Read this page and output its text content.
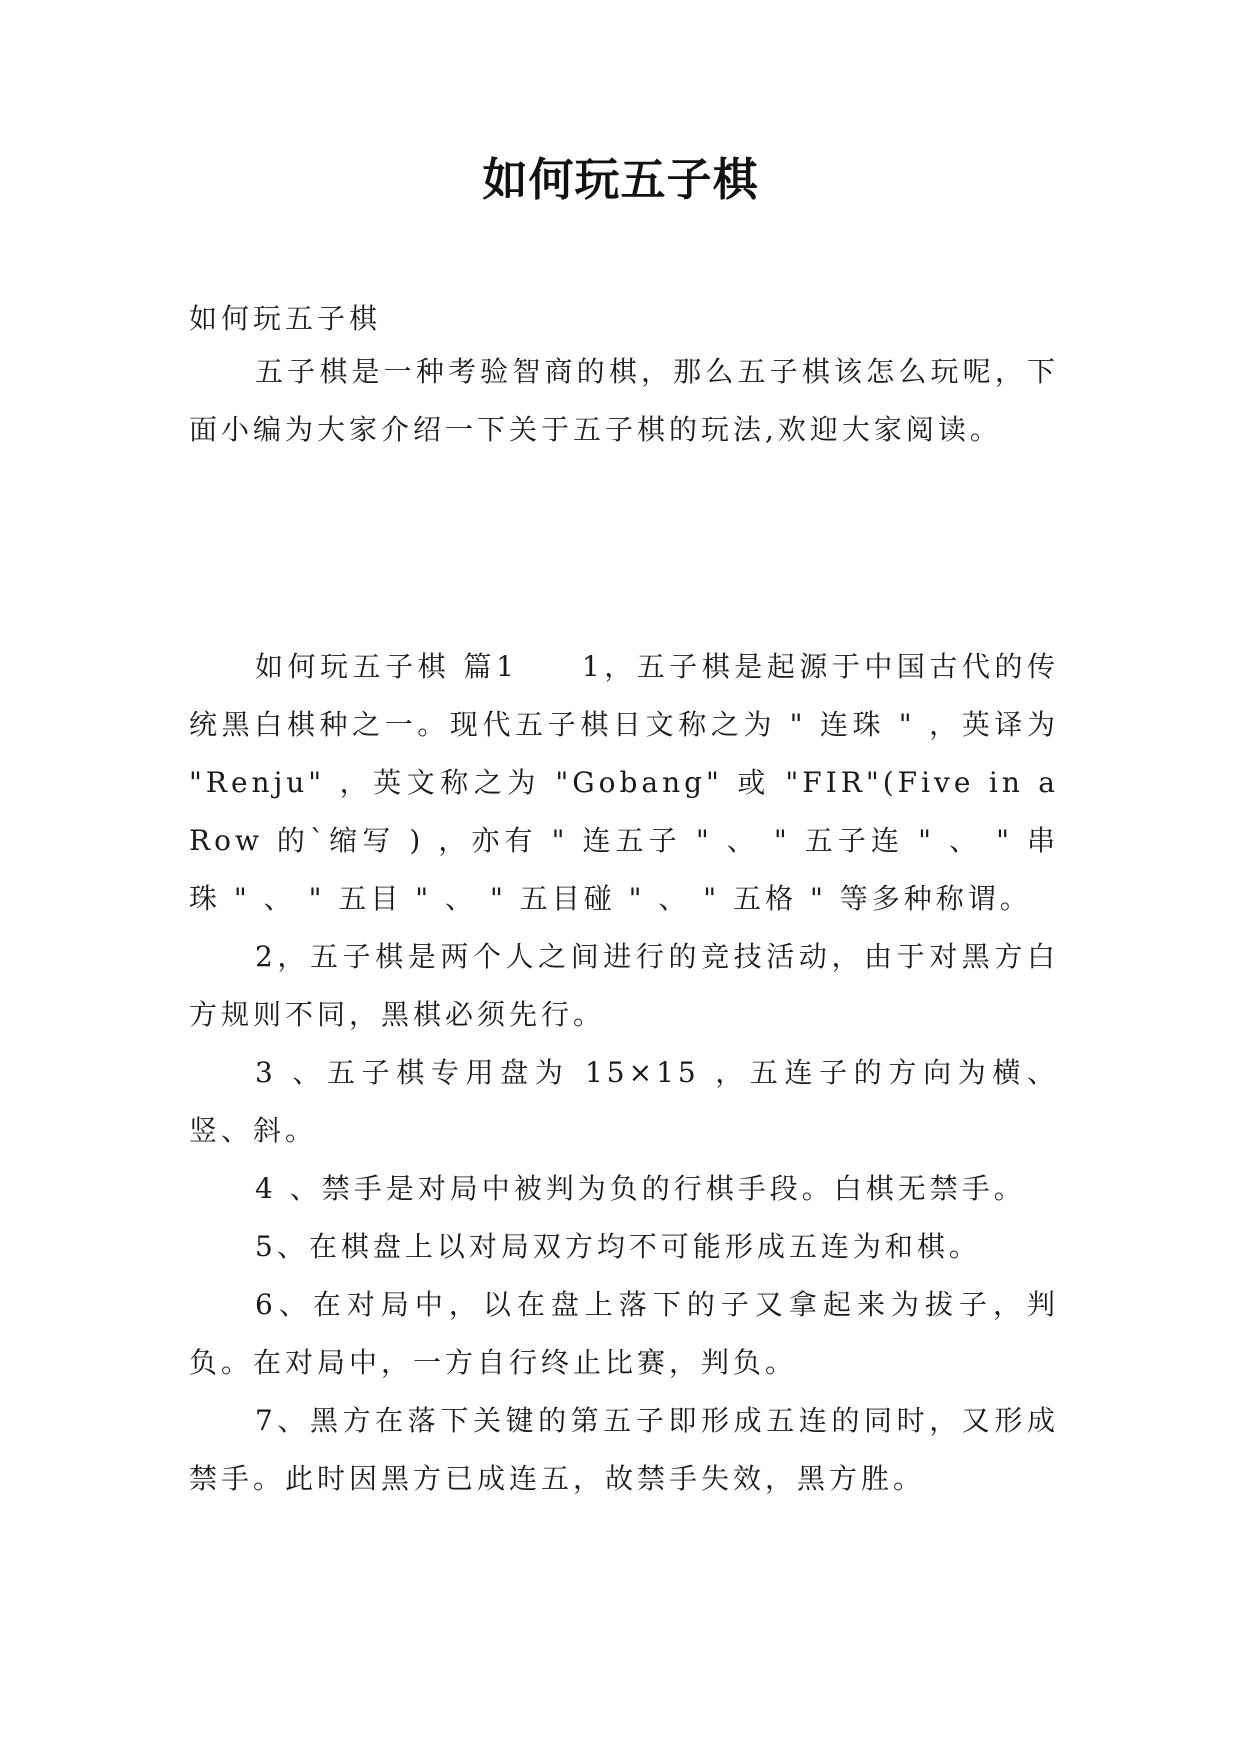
如何玩五子棋

如何玩五子棋

五子棋是一种考验智商的棋，那么五子棋该怎么玩呢，下面小编为大家介绍一下关于五子棋的玩法,欢迎大家阅读。

如何玩五子棋 篇1   1，五子棋是起源于中国古代的传统黑白棋种之一。现代五子棋日文称之为 " 连珠 " ，英译为 "Renju" ，英文称之为 "Gobang" 或 "FIR"(Five in a Row 的`缩写 ) ，亦有 " 连五子 " 、 " 五子连 " 、 " 串珠 " 、 " 五目 " 、 " 五目碰 " 、 " 五格 " 等多种称谓。

2，五子棋是两个人之间进行的竞技活动，由于对黑方白方规则不同，黑棋必须先行。

3 、五子棋专用盘为 15×15 ，五连子的方向为横、竖、斜。

4 、禁手是对局中被判为负的行棋手段。白棋无禁手。

5、在棋盘上以对局双方均不可能形成五连为和棋。

6、在对局中，以在盘上落下的子又拿起来为拔子，判负。在对局中，一方自行终止比赛，判负。

7、黑方在落下关键的第五子即形成五连的同时，又形成禁手。此时因黑方已成连五，故禁手失效，黑方胜。
